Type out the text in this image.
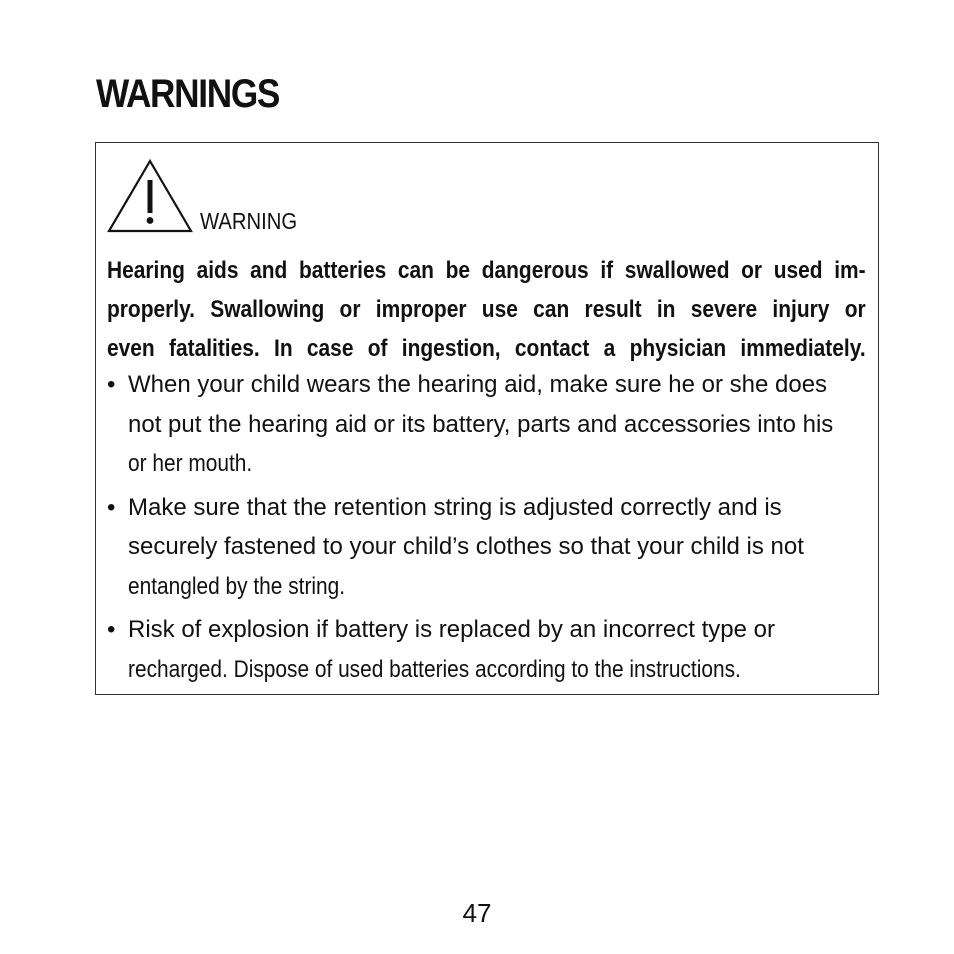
WARNINGS
WARNING

Hearing aids and batteries can be dangerous if swallowed or used im-
properly. Swallowing or improper use can result in severe injury or
even fatalities. In case of ingestion, contact a physician immediately.

• When your child wears the hearing aid, make sure he or she does
not put the hearing aid or its battery, parts and accessories into his
or her mouth.
• Make sure that the retention string is adjusted correctly and is
securely fastened to your child’s clothes so that your child is not
entangled by the string.
• Risk of explosion if battery is replaced by an incorrect type or
recharged. Dispose of used batteries according to the instructions.
47
